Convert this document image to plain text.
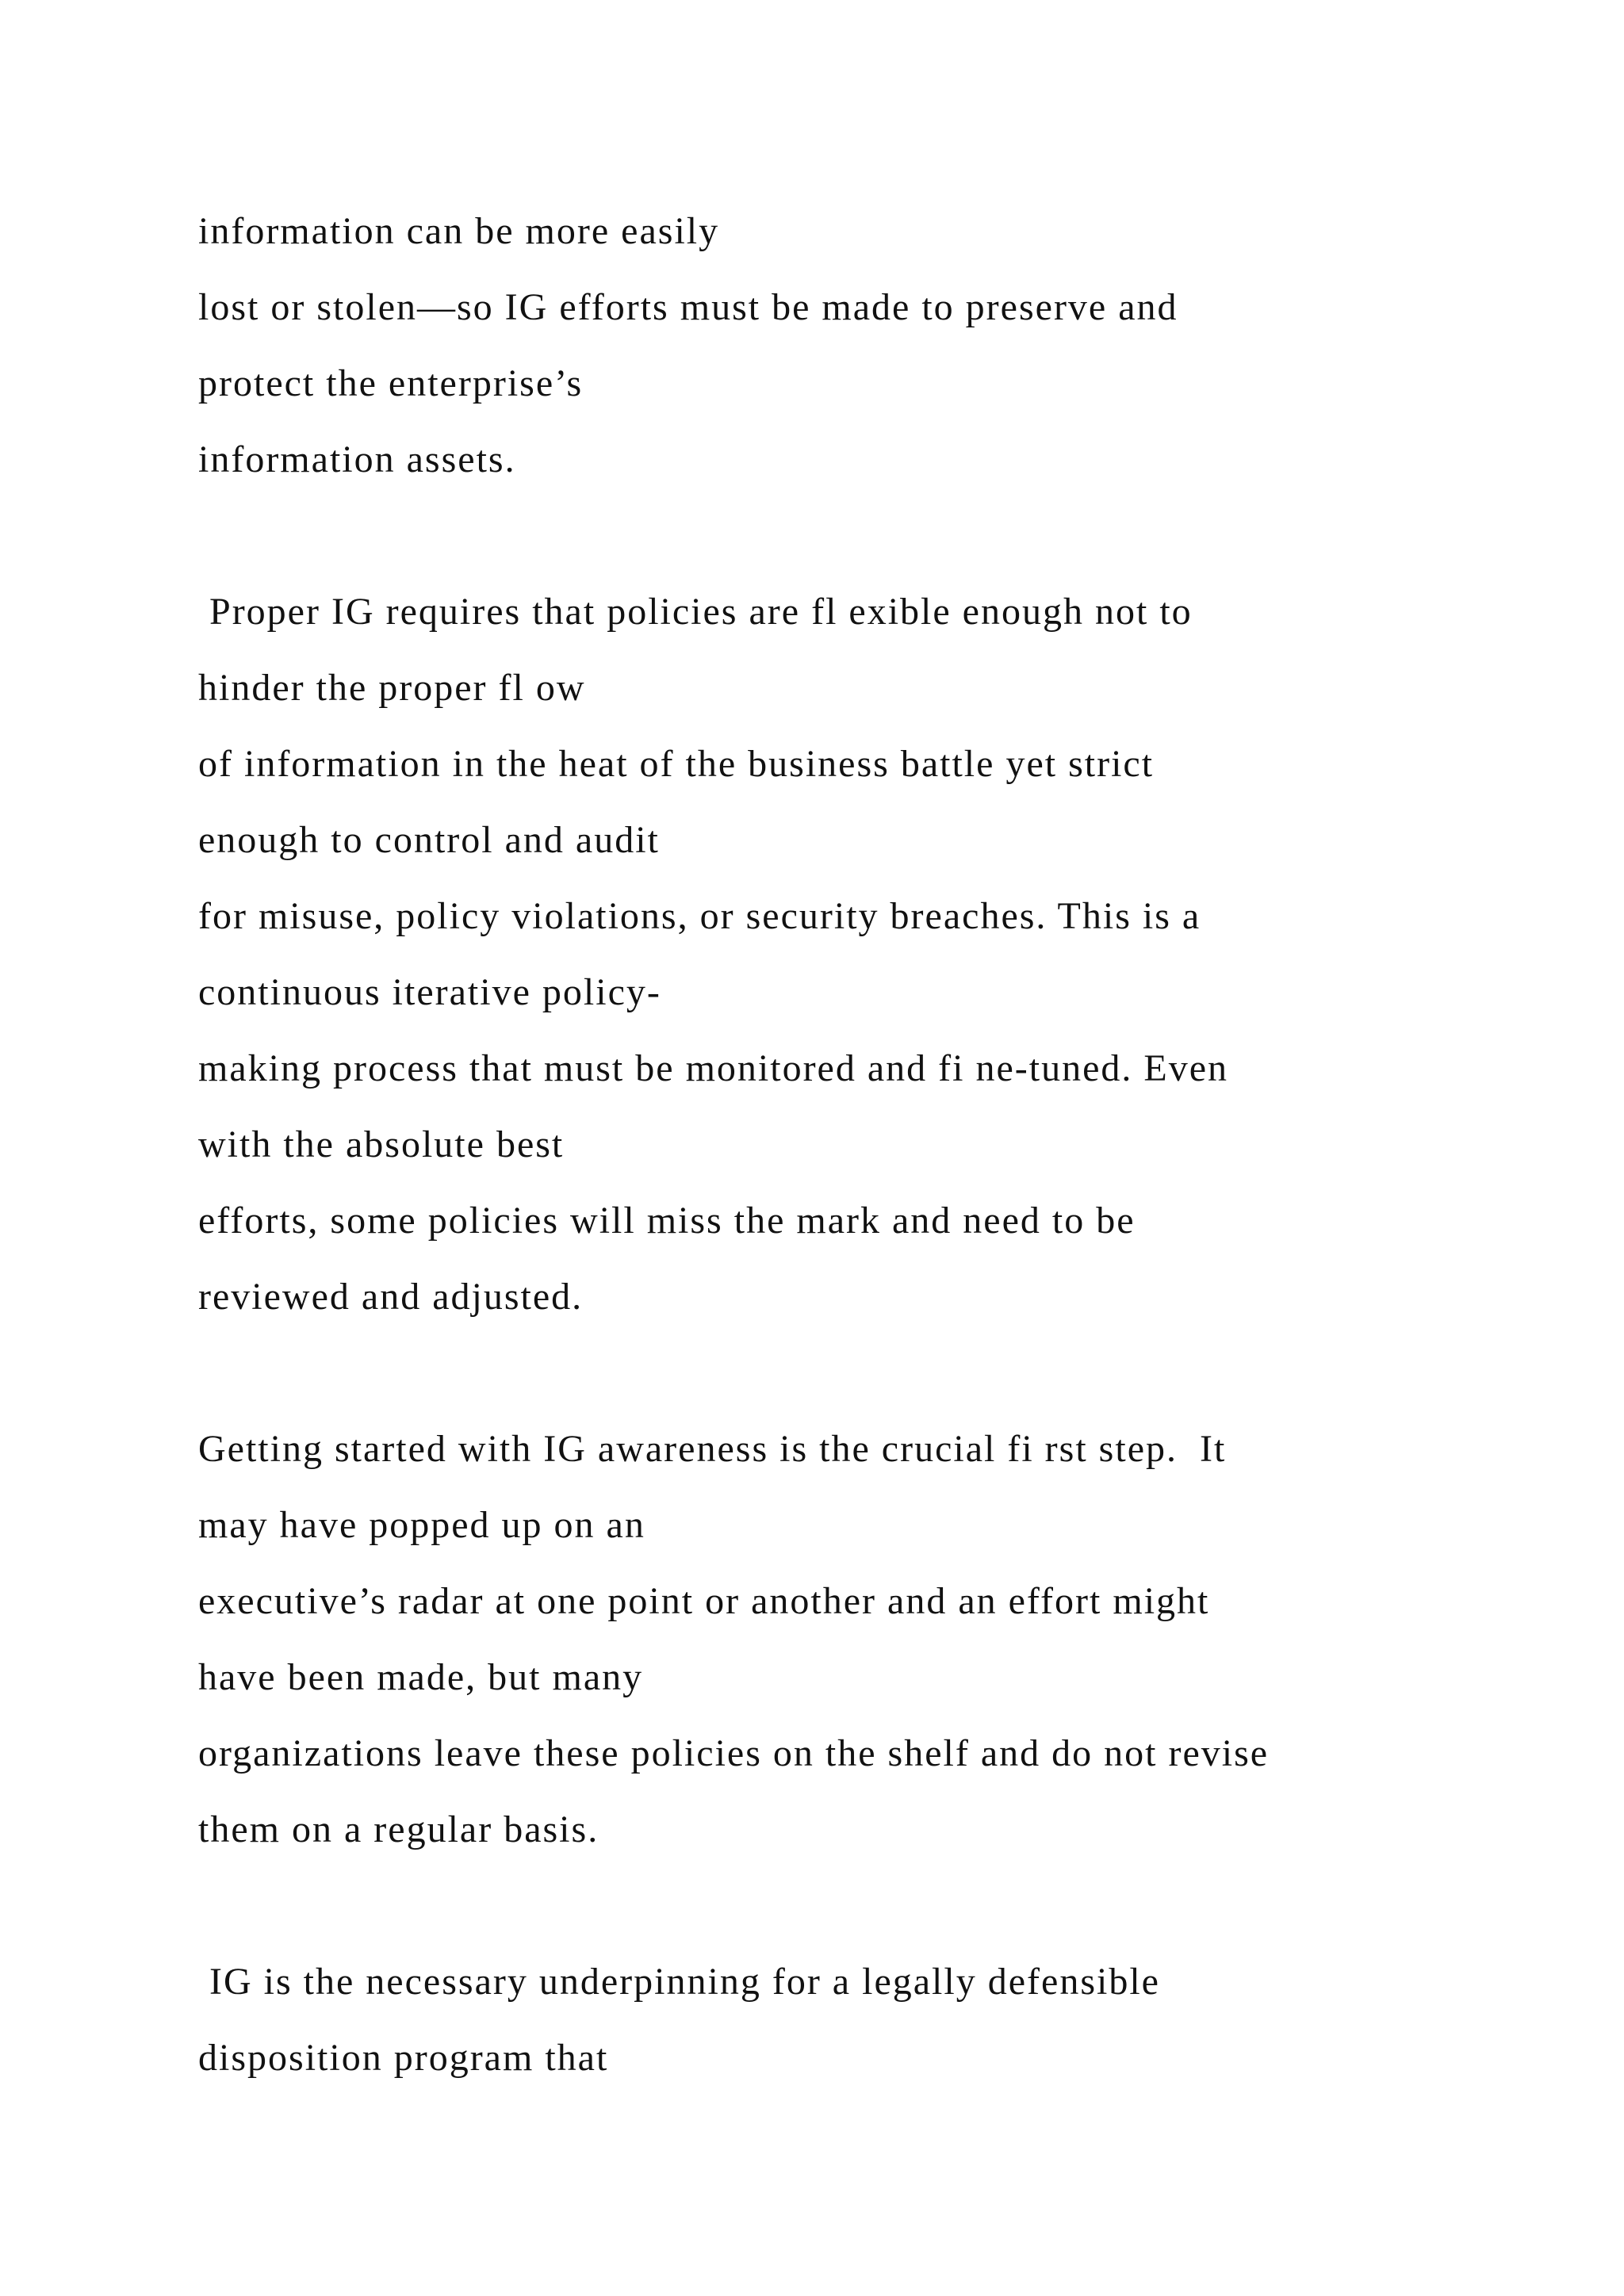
information can be more easily
lost or stolen—so IG efforts must be made to preserve and
protect the enterprise’s
information assets.
Proper IG requires that policies are fl exible enough not to
hinder the proper fl ow
of information in the heat of the business battle yet strict
enough to control and audit
for misuse, policy violations, or security breaches. This is a
continuous iterative policy-
making process that must be monitored and fi ne-tuned. Even
with the absolute best
efforts, some policies will miss the mark and need to be
reviewed and adjusted.
Getting started with IG awareness is the crucial fi rst step.  It
may have popped up on an
executive’s radar at one point or another and an effort might
have been made, but many
organizations leave these policies on the shelf and do not revise
them on a regular basis.
IG is the necessary underpinning for a legally defensible
disposition program that
